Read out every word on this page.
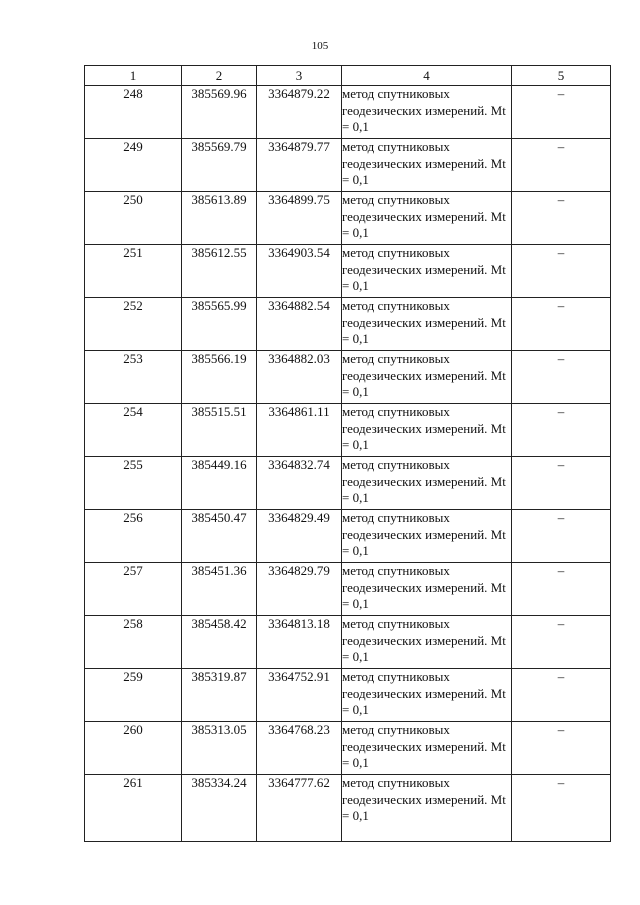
105
1	2	3	4	5
248	385569.96	3364879.22	метод спутниковых геодезических измерений. Mt = 0,1	–
249	385569.79	3364879.77	метод спутниковых геодезических измерений. Mt = 0,1	–
250	385613.89	3364899.75	метод спутниковых геодезических измерений. Mt = 0,1	–
251	385612.55	3364903.54	метод спутниковых геодезических измерений. Mt = 0,1	–
252	385565.99	3364882.54	метод спутниковых геодезических измерений. Mt = 0,1	–
253	385566.19	3364882.03	метод спутниковых геодезических измерений. Mt = 0,1	–
254	385515.51	3364861.11	метод спутниковых геодезических измерений. Mt = 0,1	–
255	385449.16	3364832.74	метод спутниковых геодезических измерений. Mt = 0,1	–
256	385450.47	3364829.49	метод спутниковых геодезических измерений. Mt = 0,1	–
257	385451.36	3364829.79	метод спутниковых геодезических измерений. Mt = 0,1	–
258	385458.42	3364813.18	метод спутниковых геодезических измерений. Mt = 0,1	–
259	385319.87	3364752.91	метод спутниковых геодезических измерений. Mt = 0,1	–
260	385313.05	3364768.23	метод спутниковых геодезических измерений. Mt = 0,1	–
261	385334.24	3364777.62	метод спутниковых геодезических измерений. Mt = 0,1	–
